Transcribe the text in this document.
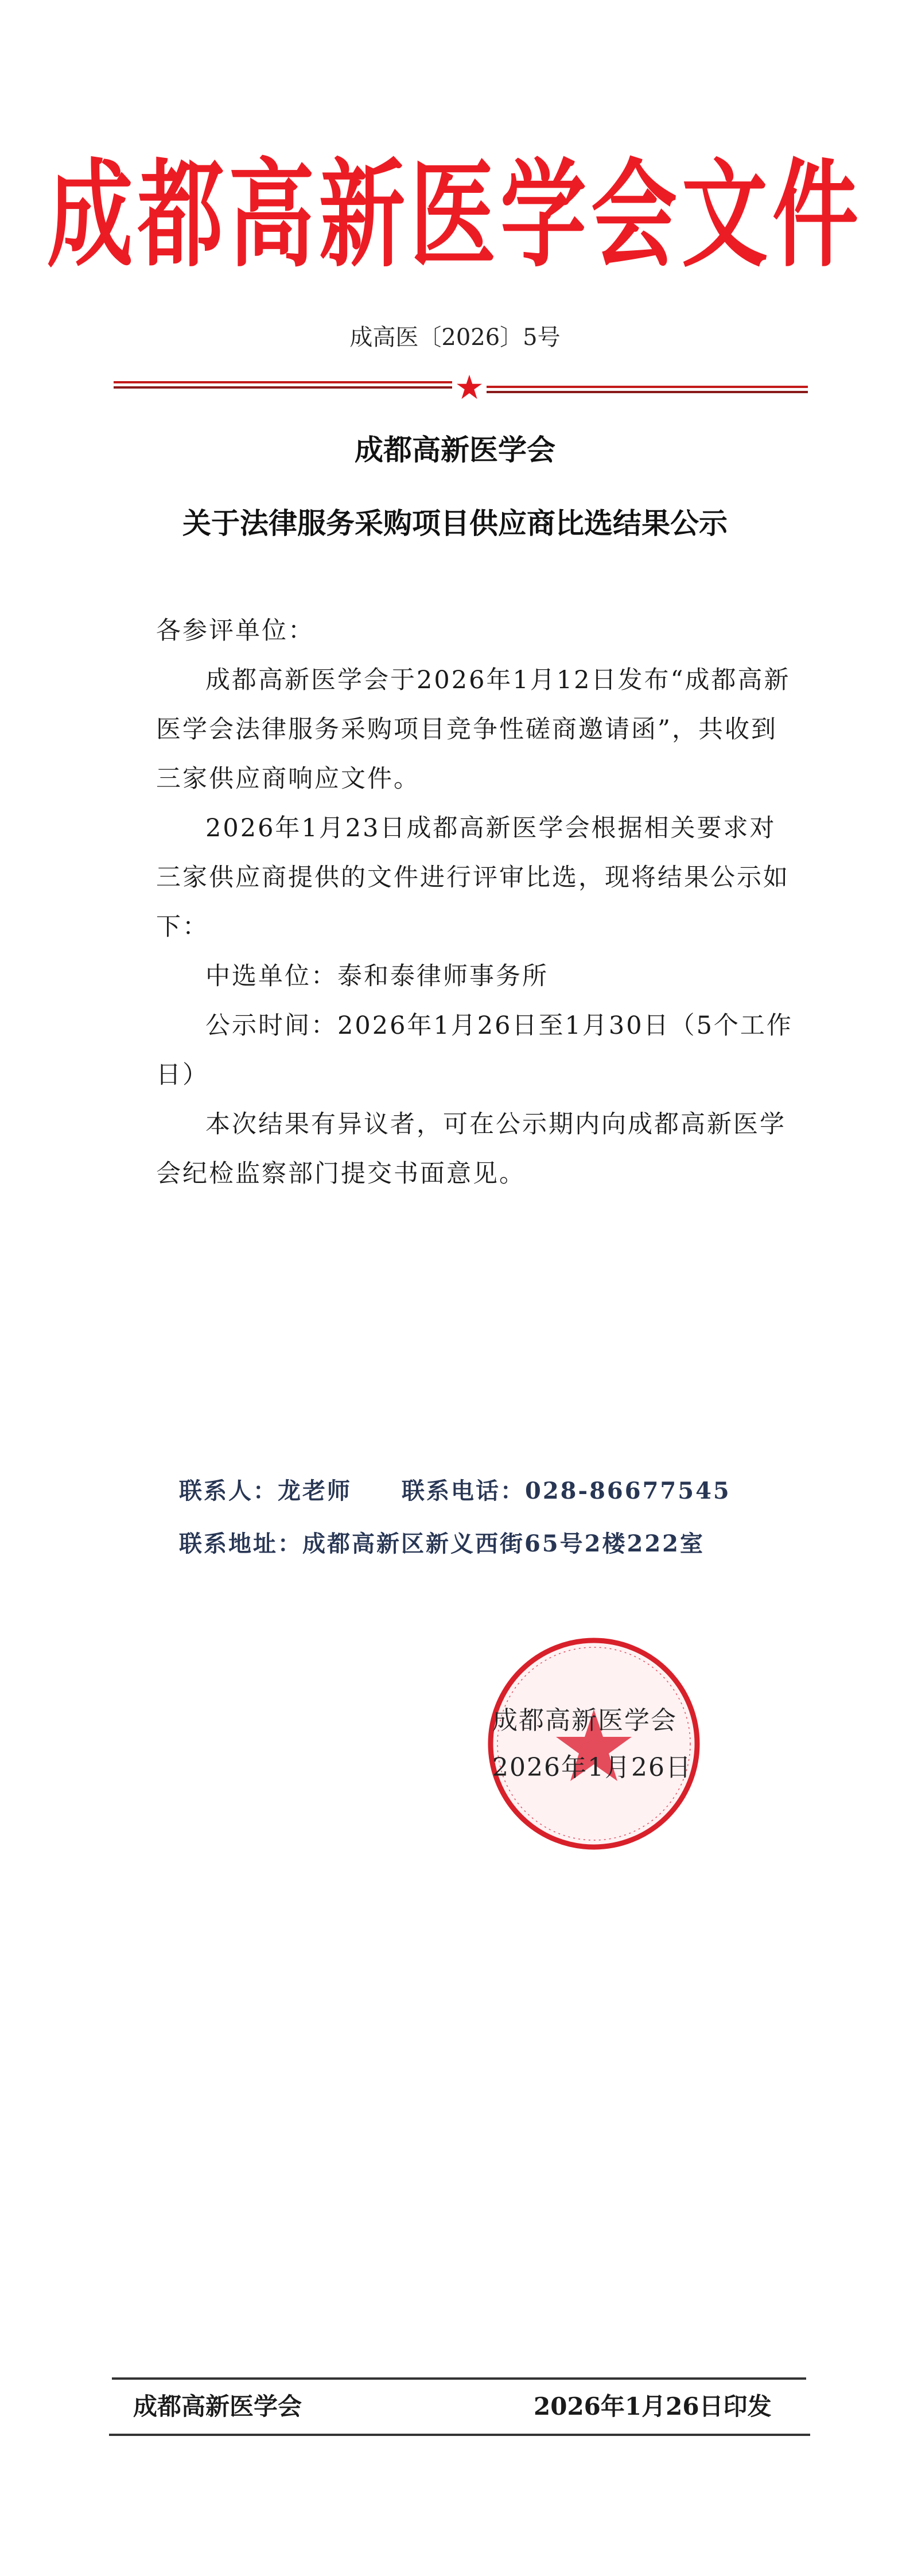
成都高新医学会文件
成高医〔2026〕5号
成都高新医学会
关于法律服务采购项目供应商比选结果公示

各参评单位：

成都高新医学会于2026年1月12日发布“成都高新医学会法律服务采购项目竞争性磋商邀请函”，共收到三家供应商响应文件。

2026年1月23日成都高新医学会根据相关要求对三家供应商提供的文件进行评审比选，现将结果公示如下：

中选单位：泰和泰律师事务所

公示时间：2026年1月26日至1月30日（5个工作日）

本次结果有异议者，可在公示期内向成都高新医学会纪检监察部门提交书面意见。

联系人：龙老师 联系电话：028-86677545
联系地址：成都高新区新义西街65号2楼222室
成都高新医学会
2026年1月26日
成都高新医学会	2026年1月26日印发
